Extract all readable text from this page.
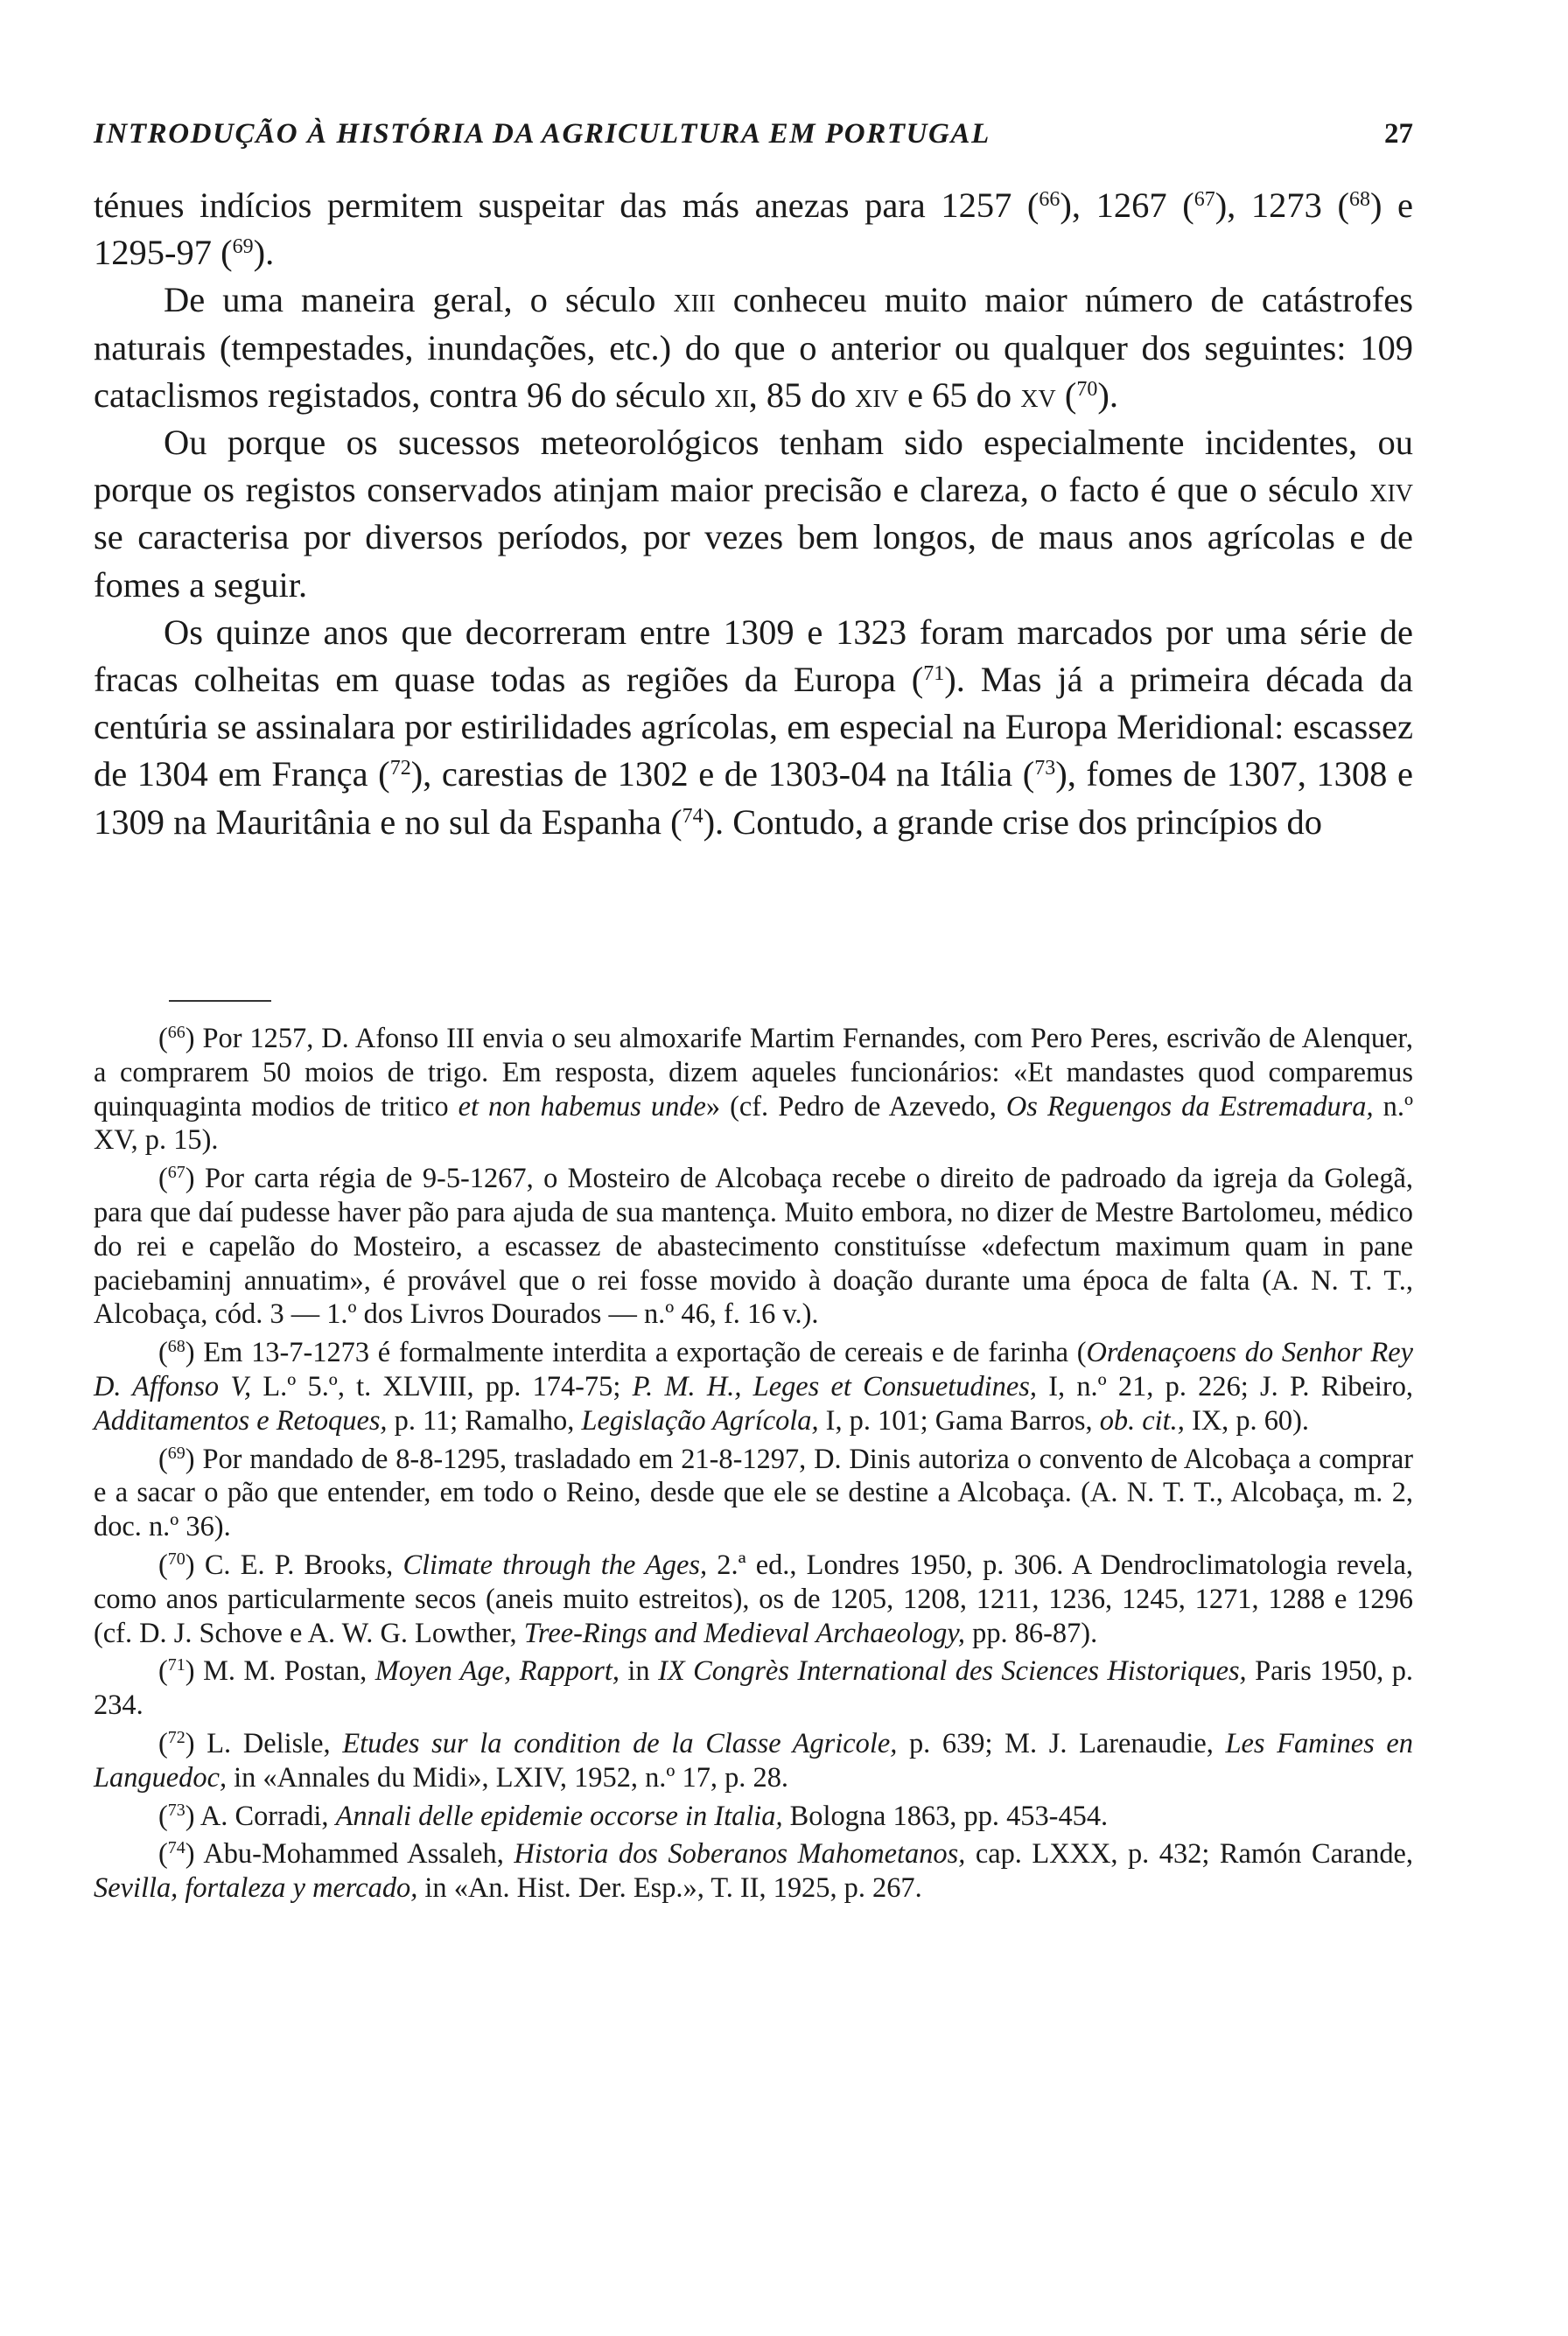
INTRODUÇÃO À HISTÓRIA DA AGRICULTURA EM PORTUGAL	27

ténues indícios permitem suspeitar das más anezas para 1257 ($^{66}$), 1267 ($^{67}$), 1273 ($^{68}$) e 1295-97 ($^{69}$).

De uma maneira geral, o século xiii conheceu muito maior número de catástrofes naturais (tempestades, inundações, etc.) do que o anterior ou qualquer dos seguintes: 109 cataclismos registados, contra 96 do século xii, 85 do xiv e 65 do xv ($^{70}$).

Ou porque os sucessos meteorológicos tenham sido especialmente incidentes, ou porque os registos conservados atinjam maior precisão e clareza, o facto é que o século xiv se caracterisa por diversos períodos, por vezes bem longos, de maus anos agrícolas e de fomes a seguir.

Os quinze anos que decorreram entre 1309 e 1323 foram marcados por uma série de fracas colheitas em quase todas as regiões da Europa ($^{71}$). Mas já a primeira década da centúria se assinalara por estirilidades agrícolas, em especial na Europa Meridional: escassez de 1304 em França ($^{72}$), carestias de 1302 e de 1303-04 na Itália ($^{73}$), fomes de 1307, 1308 e 1309 na Mauritânia e no sul da Espanha ($^{74}$). Contudo, a grande crise dos princípios do

($^{66}$) Por 1257, D. Afonso III envia o seu almoxarife Martim Fernandes, com Pero Peres, escrivão de Alenquer, a comprarem 50 moios de trigo. Em resposta, dizem aqueles funcionários: «Et mandastes quod comparemus quinquaginta modios de tritico et non habemus unde» (cf. Pedro de Azevedo, Os Reguengos da Estremadura, n.º XV, p. 15).

($^{67}$) Por carta régia de 9-5-1267, o Mosteiro de Alcobaça recebe o direito de padroado da igreja da Golegã, para que daí pudesse haver pão para ajuda de sua mantença. Muito embora, no dizer de Mestre Bartolomeu, médico do rei e capelão do Mosteiro, a escassez de abastecimento constituísse «defectum maximum quam in pane paciebaminj annuatim», é provável que o rei fosse movido à doação durante uma época de falta (A. N. T. T., Alcobaça, cód. 3 — 1.º dos Livros Dourados — n.º 46, f. 16 v.).

($^{68}$) Em 13-7-1273 é formalmente interdita a exportação de cereais e de farinha (Ordenaçoens do Senhor Rey D. Affonso V, L.º 5.º, t. XLVIII, pp. 174-75; P. M. H., Leges et Consuetudines, I, n.º 21, p. 226; J. P. Ribeiro, Additamentos e Retoques, p. 11; Ramalho, Legislação Agrícola, I, p. 101; Gama Barros, ob. cit., IX, p. 60).

($^{69}$) Por mandado de 8-8-1295, trasladado em 21-8-1297, D. Dinis autoriza o convento de Alcobaça a comprar e a sacar o pão que entender, em todo o Reino, desde que ele se destine a Alcobaça. (A. N. T. T., Alcobaça, m. 2, doc. n.º 36).

($^{70}$) C. E. P. Brooks, Climate through the Ages, 2.ª ed., Londres 1950, p. 306. A Dendroclimatologia revela, como anos particularmente secos (aneis muito estreitos), os de 1205, 1208, 1211, 1236, 1245, 1271, 1288 e 1296 (cf. D. J. Schove e A. W. G. Lowther, Tree-Rings and Medieval Archaeology, pp. 86-87).

($^{71}$) M. M. Postan, Moyen Age, Rapport, in IX Congrès International des Sciences Historiques, Paris 1950, p. 234.

($^{72}$) L. Delisle, Etudes sur la condition de la Classe Agricole, p. 639; M. J. Larenaudie, Les Famines en Languedoc, in «Annales du Midi», LXIV, 1952, n.º 17, p. 28.

($^{73}$) A. Corradi, Annali delle epidemie occorse in Italia, Bologna 1863, pp. 453-454.

($^{74}$) Abu-Mohammed Assaleh, Historia dos Soberanos Mahometanos, cap. LXXX, p. 432; Ramón Carande, Sevilla, fortaleza y mercado, in «An. Hist. Der. Esp.», T. II, 1925, p. 267.
